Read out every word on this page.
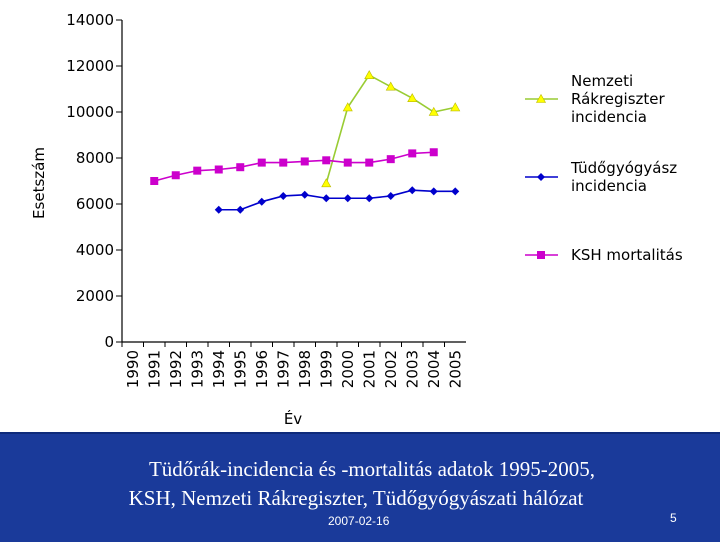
0
2000
4000
6000
8000
10000
12000
14000
1990 1991 1992 1993 1994 1995 1996 1997 1998 1999 2000 2001 2002 2003 2004 2005
Nemzeti
Rákregiszter
incidencia
Tüdőgyógyász
incidencia
KSH mortalitás
Esetszám
Év
Tüdőrák-incidencia és -mortalitás adatok 1995-2005,
KSH, Nemzeti Rákregiszter, Tüdőgyógyászati hálózat
2007-02-16	5
